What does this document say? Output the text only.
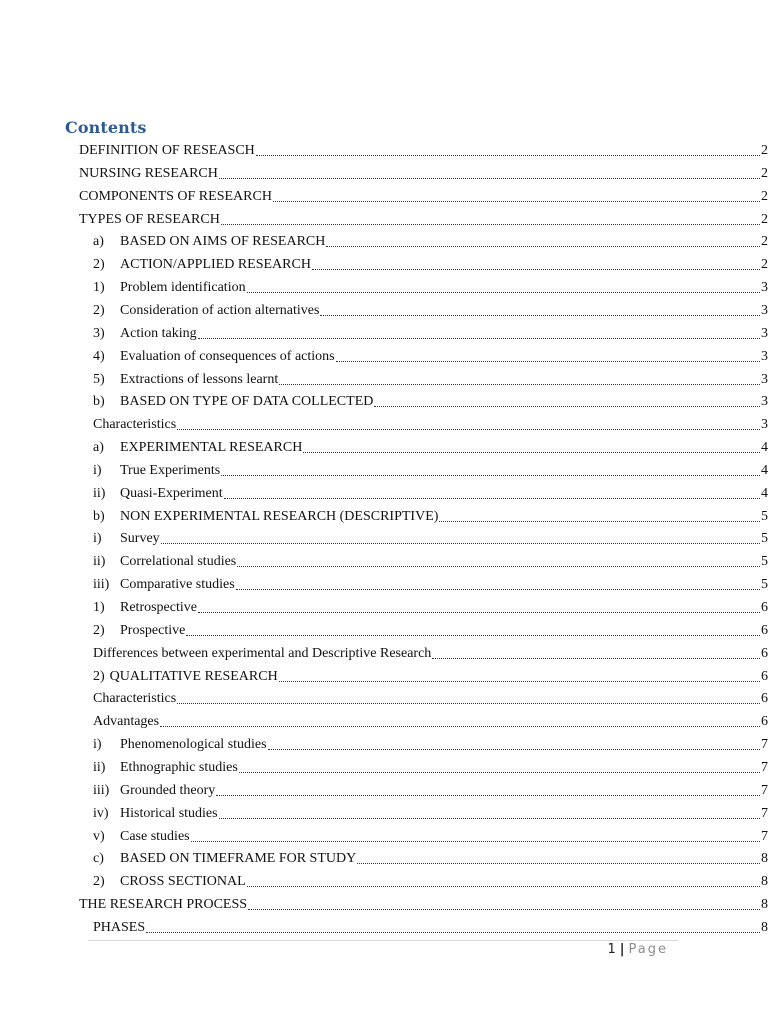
Contents
DEFINITION OF RESEASCH	2
NURSING RESEARCH	2
COMPONENTS OF RESEARCH	2
TYPES OF RESEARCH	2
a)	BASED ON AIMS OF RESEARCH	2
2)	ACTION/APPLIED RESEARCH	2
1)	Problem identification	3
2)	Consideration of action alternatives	3
3)	Action taking	3
4)	Evaluation of consequences of actions	3
5)	Extractions of lessons learnt	3
b)	BASED ON TYPE OF DATA COLLECTED	3
Characteristics	3
a)	EXPERIMENTAL RESEARCH	4
i)	True Experiments	4
ii)	Quasi-Experiment	4
b)	NON EXPERIMENTAL RESEARCH (DESCRIPTIVE)	5
i)	Survey	5
ii)	Correlational studies	5
iii) Comparative studies	5
1)	Retrospective	6
2)	Prospective	6
Differences between experimental and Descriptive Research	6
2) QUALITATIVE RESEARCH	6
Characteristics	6
Advantages	6
i)	Phenomenological studies	7
ii)	Ethnographic studies	7
iii) Grounded theory	7
iv) Historical studies	7
v)	Case studies	7
c)	BASED ON TIMEFRAME FOR STUDY	8
2)	CROSS SECTIONAL	8
THE RESEARCH PROCESS	8
PHASES	8
1 | Page
